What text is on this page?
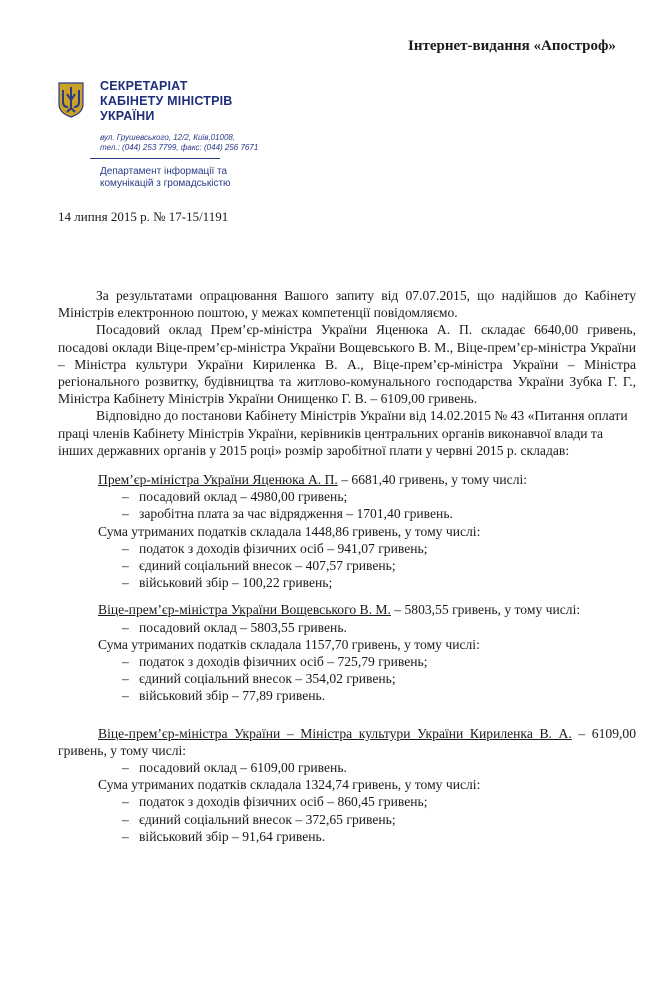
Інтернет-видання «Апостроф»
СЕКРЕТАРІАТ
КАБІНЕТУ МІНІСТРІВ
УКРАЇНИ
вул. Грушевського, 12/2, Київ,01008,
тел.: (044) 253 7799, факс: (044) 256 7671
Департамент інформації та
комунікацій з громадськістю
14 липня 2015 р. № 17-15/1191

За результатами опрацювання Вашого запиту від 07.07.2015, що надійшов до Кабінету Міністрів електронною поштою, у межах компетенції повідомляємо.

Посадовий оклад Прем’єр-міністра України Яценюка А. П. складає 6640,00 гривень, посадові оклади Віце-прем’єр-міністра України Вощевського В. М., Віце-прем’єр-міністра України – Міністра культури України Кириленка В. А., Віце-прем’єр-міністра України – Міністра регіонального розвитку, будівництва та житлово-комунального господарства України Зубка Г. Г., Міністра Кабінету Міністрів України Онищенко Г. В. – 6109,00 гривень.

Відповідно до постанови Кабінету Міністрів України від 14.02.2015 № 43 «Питання оплати праці членів Кабінету Міністрів України, керівників центральних органів виконавчої влади та інших державних органів у 2015 році» розмір заробітної плати у червні 2015 р. складав:

Прем’єр-міністра України Яценюка А. П. – 6681,40 гривень, у тому числі:
– посадовий оклад – 4980,00 гривень;
– заробітна плата за час відрядження – 1701,40 гривень.
Сума утриманих податків складала 1448,86 гривень, у тому числі:
– податок з доходів фізичних осіб – 941,07 гривень;
– єдиний соціальний внесок – 407,57 гривень;
– військовий збір – 100,22 гривень;

Віце-прем’єр-міністра України Вощевського В. М. – 5803,55 гривень, у тому числі:

– посадовий оклад – 5803,55 гривень.
Сума утриманих податків складала 1157,70 гривень, у тому числі:
– податок з доходів фізичних осіб – 725,79 гривень;
– єдиний соціальний внесок – 354,02 гривень;
– військовий збір – 77,89 гривень.

Віце-прем’єр-міністра України – Міністра культури України Кириленка В. А. – 6109,00 гривень, у тому числі:

– посадовий оклад – 6109,00 гривень.
Сума утриманих податків складала 1324,74 гривень, у тому числі:
– податок з доходів фізичних осіб – 860,45 гривень;
– єдиний соціальний внесок – 372,65 гривень;
– військовий збір – 91,64 гривень.
